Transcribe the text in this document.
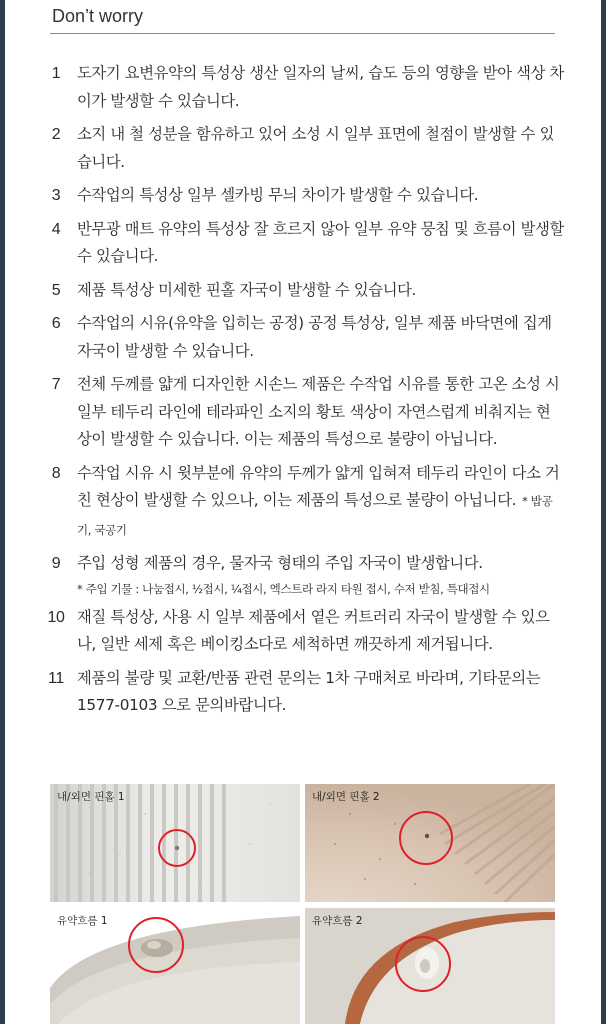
Don’t worry
1	도자기 요변유약의 특성상 생산 일자의 날씨, 습도 등의 영향을 받아 색상 차이가 발생할 수 있습니다.
2	소지 내 철 성분을 함유하고 있어 소성 시 일부 표면에 철점이 발생할 수 있습니다.
3	수작업의 특성상 일부 셀카빙 무늬 차이가 발생할 수 있습니다.
4	반무광 매트 유약의 특성상 잘 흐르지 않아 일부 유약 뭉침 및 흐름이 발생할 수 있습니다.
5	제품 특성상 미세한 핀홀 자국이 발생할 수 있습니다.
6	수작업의 시유(유약을 입히는 공정) 공정 특성상, 일부 제품 바닥면에 집게 자국이 발생할 수 있습니다.
7	전체 두께를 얇게 디자인한 시손느 제품은 수작업 시유를 통한 고온 소성 시 일부 테두리 라인에 테라파인 소지의 황토 색상이 자연스럽게 비춰지는 현상이 발생할 수 있습니다. 이는 제품의 특성으로 불량이 아닙니다.
8	수작업 시유 시 윗부분에 유약의 두께가 얇게 입혀져 테두리 라인이 다소 거친 현상이 발생할 수 있으나, 이는 제품의 특성으로 불량이 아닙니다. * 밥공기, 국공기
9	주입 성형 제품의 경우, 물자국 형태의 주입 자국이 발생합니다.
* 주입 기물 : 나눔접시, ½접시, ¼접시, 엑스트라 라지 타원 접시, 수저 받침, 특대접시
10 재질 특성상, 사용 시 일부 제품에서 옅은 커트러리 자국이 발생할 수 있으나, 일반 세제 혹은 베이킹소다로 세척하면 깨끗하게 제거됩니다.
11 제품의 불량 및 교환/반품 관련 문의는 1차 구매처로 바라며, 기타문의는 1577-0103 으로 문의바랍니다.
내/외면 핀홀 1	내/외면 핀홀 2
유약흐름 1	유약흐름 2
